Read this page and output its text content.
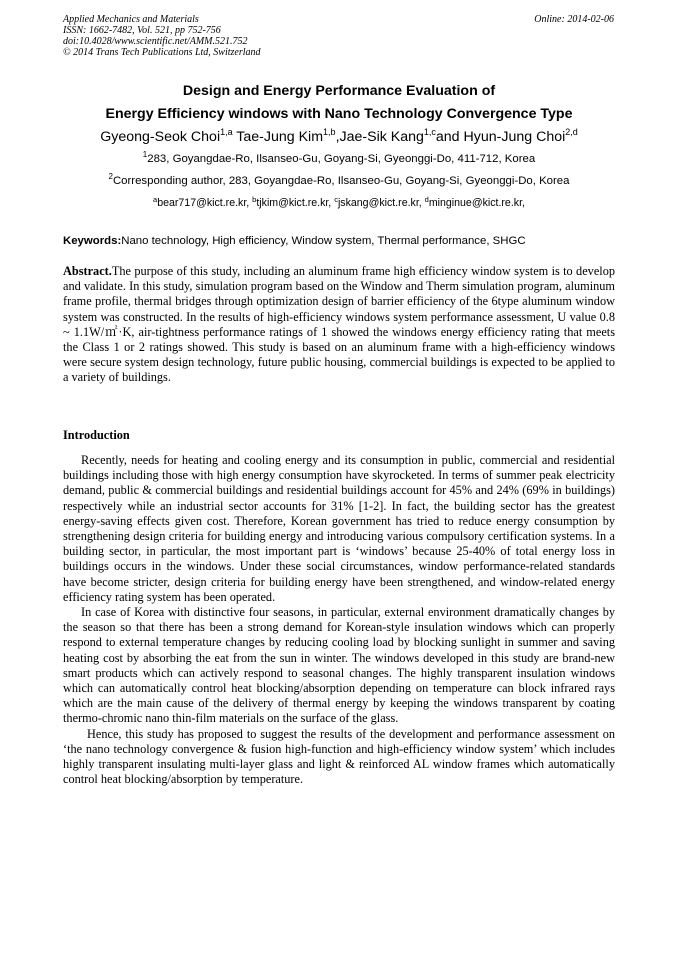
Applied Mechanics and Materials
ISSN: 1662-7482, Vol. 521, pp 752-756
doi:10.4028/www.scientific.net/AMM.521.752
© 2014 Trans Tech Publications Ltd, Switzerland
Online: 2014-02-06
Design and Energy Performance Evaluation of
Energy Efficiency windows with Nano Technology Convergence Type
Gyeong-Seok Choi$^{1,a}$ Tae-Jung Kim$^{1,b}$,Jae-Sik Kang$^{1,c}$and Hyun-Jung Choi$^{2,d}$
$^1$283, Goyangdae-Ro, Ilsanseo-Gu, Goyang-Si, Gyeonggi-Do, 411-712, Korea
$^2$Corresponding author, 283, Goyangdae-Ro, Ilsanseo-Gu, Goyang-Si, Gyeonggi-Do, Korea
$^a$bear717@kict.re.kr, $^b$tjkim@kict.re.kr, $^c$jskang@kict.re.kr, $^d$minginue@kict.re.kr,
Keywords:Nano technology, High efficiency, Window system, Thermal performance, SHGC
Abstract.The purpose of this study, including an aluminum frame high efficiency window system is to develop and validate. In this study, simulation program based on the Window and Therm simulation program, aluminum frame profile, thermal bridges through optimization design of barrier efficiency of the 6type aluminum window system was constructed. In the results of high-efficiency windows system performance assessment, U value 0.8 ~ 1.1W/㎡·K, air-tightness performance ratings of 1 showed the windows energy efficiency rating that meets the Class 1 or 2 ratings showed. This study is based on an aluminum frame with a high-efficiency windows were secure system design technology, future public housing, commercial buildings is expected to be applied to a variety of buildings.
Introduction

Recently, needs for heating and cooling energy and its consumption in public, commercial and residential buildings including those with high energy consumption have skyrocketed. In terms of summer peak electricity demand, public & commercial buildings and residential buildings account for 45% and 24% (69% in buildings) respectively while an industrial sector accounts for 31% [1-2]. In fact, the building sector has the greatest energy-saving effects given cost. Therefore, Korean government has tried to reduce energy consumption by strengthening design criteria for building energy and introducing various compulsory certification systems. In a building sector, in particular, the most important part is ‘windows’ because 25-40% of total energy loss in buildings occurs in the windows. Under these social circumstances, window performance-related standards have become stricter, design criteria for building energy have been strengthened, and window-related energy efficiency rating system has been operated.

In case of Korea with distinctive four seasons, in particular, external environment dramatically changes by the season so that there has been a strong demand for Korean-style insulation windows which can properly respond to external temperature changes by reducing cooling load by blocking sunlight in summer and saving heating cost by absorbing the eat from the sun in winter. The windows developed in this study are brand-new smart products which can actively respond to seasonal changes. The highly transparent insulation windows which can automatically control heat blocking/absorption depending on temperature can block infrared rays which are the main cause of the delivery of thermal energy by keeping the windows transparent by coating thermo-chromic nano thin-film materials on the surface of the glass.

Hence, this study has proposed to suggest the results of the development and performance assessment on ‘the nano technology convergence & fusion high-function and high-efficiency window system’ which includes highly transparent insulating multi-layer glass and light & reinforced AL window frames which automatically control heat blocking/absorption by temperature.
